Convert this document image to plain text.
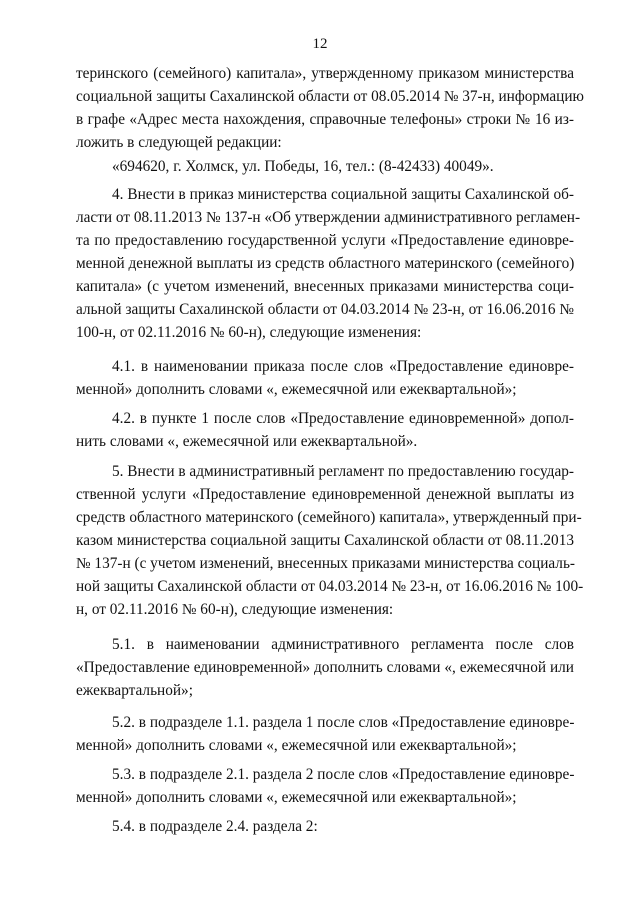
12
теринского (семейного) капитала», утвержденному приказом министерства
социальной защиты Сахалинской области от 08.05.2014 № 37-н, информацию
в графе «Адрес места нахождения, справочные телефоны» строки № 16 из-
ложить в следующей редакции:
«694620, г. Холмск, ул. Победы, 16, тел.: (8-42433) 40049».
4. Внести в приказ министерства социальной защиты Сахалинской об-
ласти от 08.11.2013 № 137-н «Об утверждении административного регламен-
та по предоставлению государственной услуги «Предоставление единовре-
менной денежной выплаты из средств областного материнского (семейного)
капитала» (с учетом изменений, внесенных приказами министерства соци-
альной защиты Сахалинской области от 04.03.2014 № 23-н, от 16.06.2016 №
100-н, от 02.11.2016 № 60-н), следующие изменения:
4.1. в наименовании приказа после слов «Предоставление единовре-
менной» дополнить словами «, ежемесячной или ежеквартальной»;
4.2. в пункте 1 после слов «Предоставление единовременной» допол-
нить словами «, ежемесячной или ежеквартальной».
5. Внести в административный регламент по предоставлению государ-
ственной услуги «Предоставление единовременной денежной выплаты из
средств областного материнского (семейного) капитала», утвержденный при-
казом министерства социальной защиты Сахалинской области от 08.11.2013
№ 137-н (с учетом изменений, внесенных приказами министерства социаль-
ной защиты Сахалинской области от 04.03.2014 № 23-н, от 16.06.2016 № 100-
н, от 02.11.2016 № 60-н), следующие изменения:
5.1. в наименовании административного регламента после слов
«Предоставление единовременной» дополнить словами «, ежемесячной или
ежеквартальной»;
5.2. в подразделе 1.1. раздела 1 после слов «Предоставление единовре-
менной» дополнить словами «, ежемесячной или ежеквартальной»;
5.3. в подразделе 2.1. раздела 2 после слов «Предоставление единовре-
менной» дополнить словами «, ежемесячной или ежеквартальной»;
5.4. в подразделе 2.4. раздела 2:
